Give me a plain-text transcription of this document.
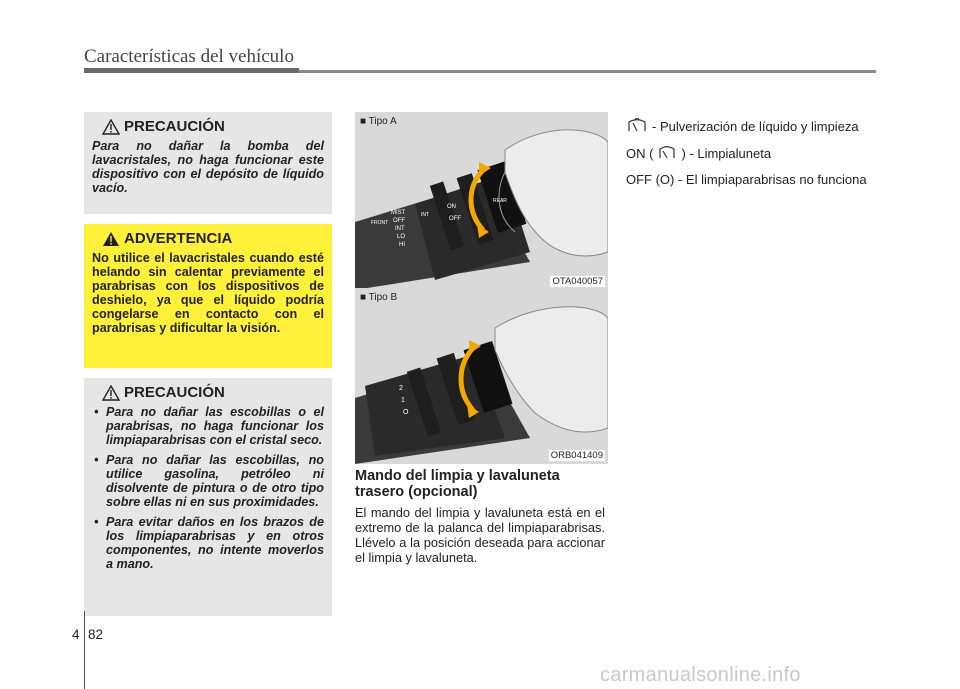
Características del vehículo
PRECAUCIÓN
Para no dañar la bomba del lavacristales, no haga funcionar este dispositivo con el depósito de líquido vacío.
ADVERTENCIA
No utilice el lavacristales cuando esté helando sin calentar previamente el parabrisas con los dispositivos de deshielo, ya que el líquido podría congelarse en contacto con el parabrisas y dificultar la visión.
PRECAUCIÓN
• Para no dañar las escobillas o el parabrisas, no haga funcionar los limpiaparabrisas con el cristal seco.
• Para no dañar las escobillas, no utilice gasolina, petróleo ni disolvente de pintura o de otro tipo sobre ellas ni en sus proximidades.
• Para evitar daños en los brazos de los limpiaparabrisas y en otros componentes, no intente moverlos a mano.
■ Tipo A
MIST
OFF
INT
LO
HI
ON
OFF
REAR
FRONT
INT
OTA040057
■ Tipo B
2
1
O
ORB041409
Mando del limpia y lavaluneta trasero (opcional)
El mando del limpia y lavaluneta está en el extremo de la palanca del limpiaparabrisas. Llévelo a la posición deseada para accionar el limpia y lavaluneta.

- Pulverización de líquido y limpieza

ON ( ) - Limpialuneta

OFF (O) - El limpiaparabrisas no funciona

4 82
carmanualsonline.info
